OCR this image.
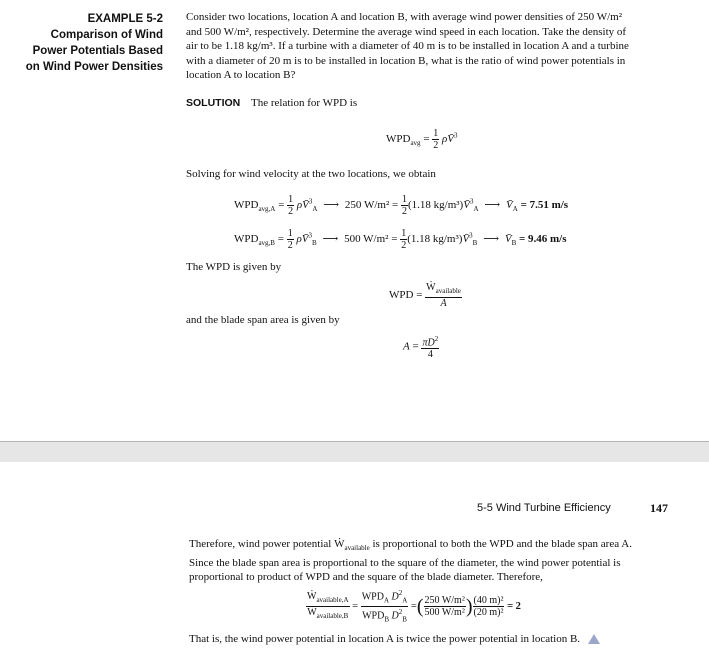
EXAMPLE 5-2
Comparison of Wind
Power Potentials Based
on Wind Power Densities
Consider two locations, location A and location B, with average wind power densities of 250 W/m²
and 500 W/m², respectively. Determine the average wind speed in each location. Take the density of
air to be 1.18 kg/m³. If a turbine with a diameter of 40 m is to be installed in location A and a turbine
with a diameter of 20 m is to be installed in location B, what is the ratio of wind power potentials in
location A to location B?
SOLUTION The relation for WPD is
$WPD_{avg} = \frac{1}{2}$ ρV̄$^3$
Solving for wind velocity at the two locations, we obtain
$WPD_{avg,A} = \frac{1}{2}$ ρV̄$^3_A$ ⟶ 250 $W/m^2 = \frac{1}{2} (1.18$ kg/m³)V̄$^3_A$ ⟶ $V̄_A = 7.51$ m/s
$WPD_{avg,B} = \frac{1}{2}$ ρV̄$^3_B$ ⟶ 500 $W/m^2 = \frac{1}{2} (1.18$ kg/m³)V̄$^3_B$ ⟶ $V̄_B = 9.46$ m/s
The WPD is given by
WPD = $\frac{Ẇ_{available}}{A}$
and the blade span area is given by
$A = \frac{\pi D^2}{4}$
5-5 Wind Turbine Efficiency	147
Therefore, wind power potential Ẇ$_{available}$ is proportional to both the WPD and the blade span area A.
Since the blade span area is proportional to the square of the diameter, the wind power potential is
proportional to product of WPD and the square of the blade diameter. Therefore,
$\frac{Ẇ_{available,A}}{Ẇ_{available,B}} = \frac{WPD_A D^2_A}{WPD_B D^2_B}$ =( $\frac{\text{250 W/m²}}{\text{500 W/m²}}$ ) $\frac{\text{(40 m)²}}{\text{(20 m)²}} = 2$
That is, the wind power potential in location A is twice the power potential in location B.
